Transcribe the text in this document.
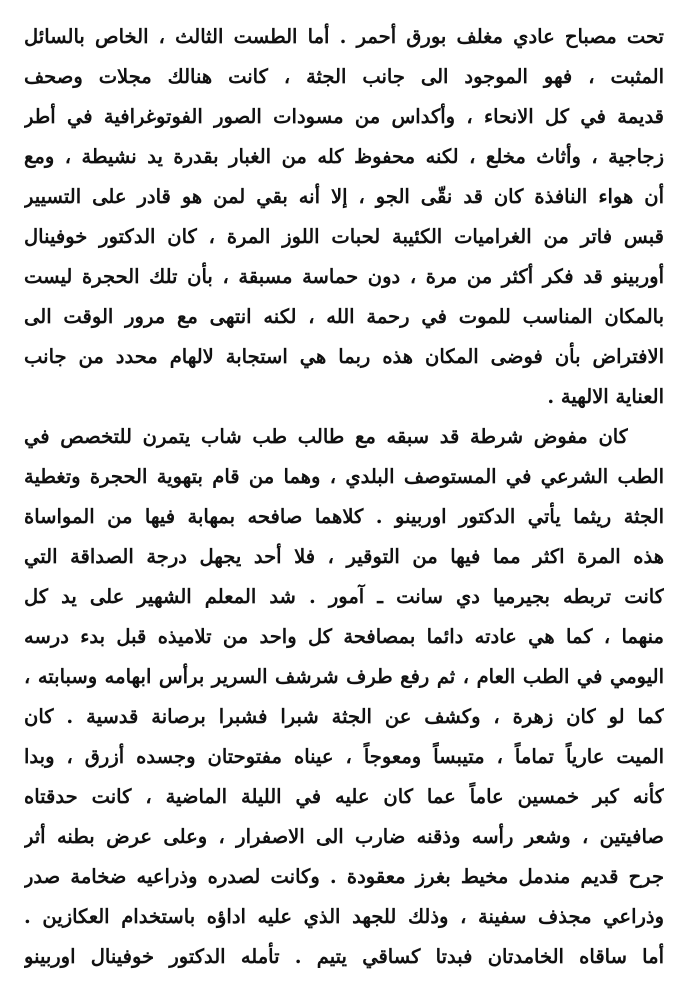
تحت مصباح عادي مغلف بورق أحمر . أما الطست الثالث ، الخاص بالسائل
المثبت ، فهو الموجود الى جانب الجثة ، كانت هنالك مجلات وصحف
قديمة في كل الانحاء ، وأكداس من مسودات الصور الفوتوغرافية في أطر
زجاجية ، وأثاث مخلع ، لكنه محفوظ كله من الغبار بقدرة يد نشيطة ، ومع
أن هواء النافذة كان قد نقّى الجو ، إلا أنه بقي لمن هو قادر على التسيير
قبس فاتر من الغراميات الكئيبة لحبات اللوز المرة ، كان الدكتور خوفينال
أوربينو قد فكر أكثر من مرة ، دون حماسة مسبقة ، بأن تلك الحجرة ليست
بالمكان المناسب للموت في رحمة الله ، لكنه انتهى مع مرور الوقت الى
الافتراض بأن فوضى المكان هذه ربما هي استجابة لالهام محدد من جانب
العناية الالهية .
كان مفوض شرطة قد سبقه مع طالب طب شاب يتمرن للتخصص في
الطب الشرعي في المستوصف البلدي ، وهما من قام بتهوية الحجرة وتغطية
الجثة ريثما يأتي الدكتور اوربينو . كلاهما صافحه بمهابة فيها من المواساة
هذه المرة اكثر مما فيها من التوقير ، فلا أحد يجهل درجة الصداقة التي
كانت تربطه بجيرميا دي سانت ـ آمور . شد المعلم الشهير على يد كل
منهما ، كما هي عادته دائما بمصافحة كل واحد من تلاميذه قبل بدء درسه
اليومي في الطب العام ، ثم رفع طرف شرشف السرير برأس ابهامه وسبابته ،
كما لو كان زهرة ، وكشف عن الجثة شبرا فشبرا برصانة قدسية . كان
الميت عارياً تماماً ، متيبساً ومعوجاً ، عيناه مفتوحتان وجسده أزرق ، وبدا
كأنه كبر خمسين عاماً عما كان عليه في الليلة الماضية ، كانت حدقتاه
صافيتين ، وشعر رأسه وذقنه ضارب الى الاصفرار ، وعلى عرض بطنه أثر
جرح قديم مندمل مخيط بغرز معقودة . وكانت لصدره وذراعيه ضخامة صدر
وذراعي مجذف سفينة ، وذلك للجهد الذي عليه اداؤه باستخدام العكازين .
أما ساقاه الخامدتان فبدتا كساقي يتيم . تأمله الدكتور خوفينال اوربينو
